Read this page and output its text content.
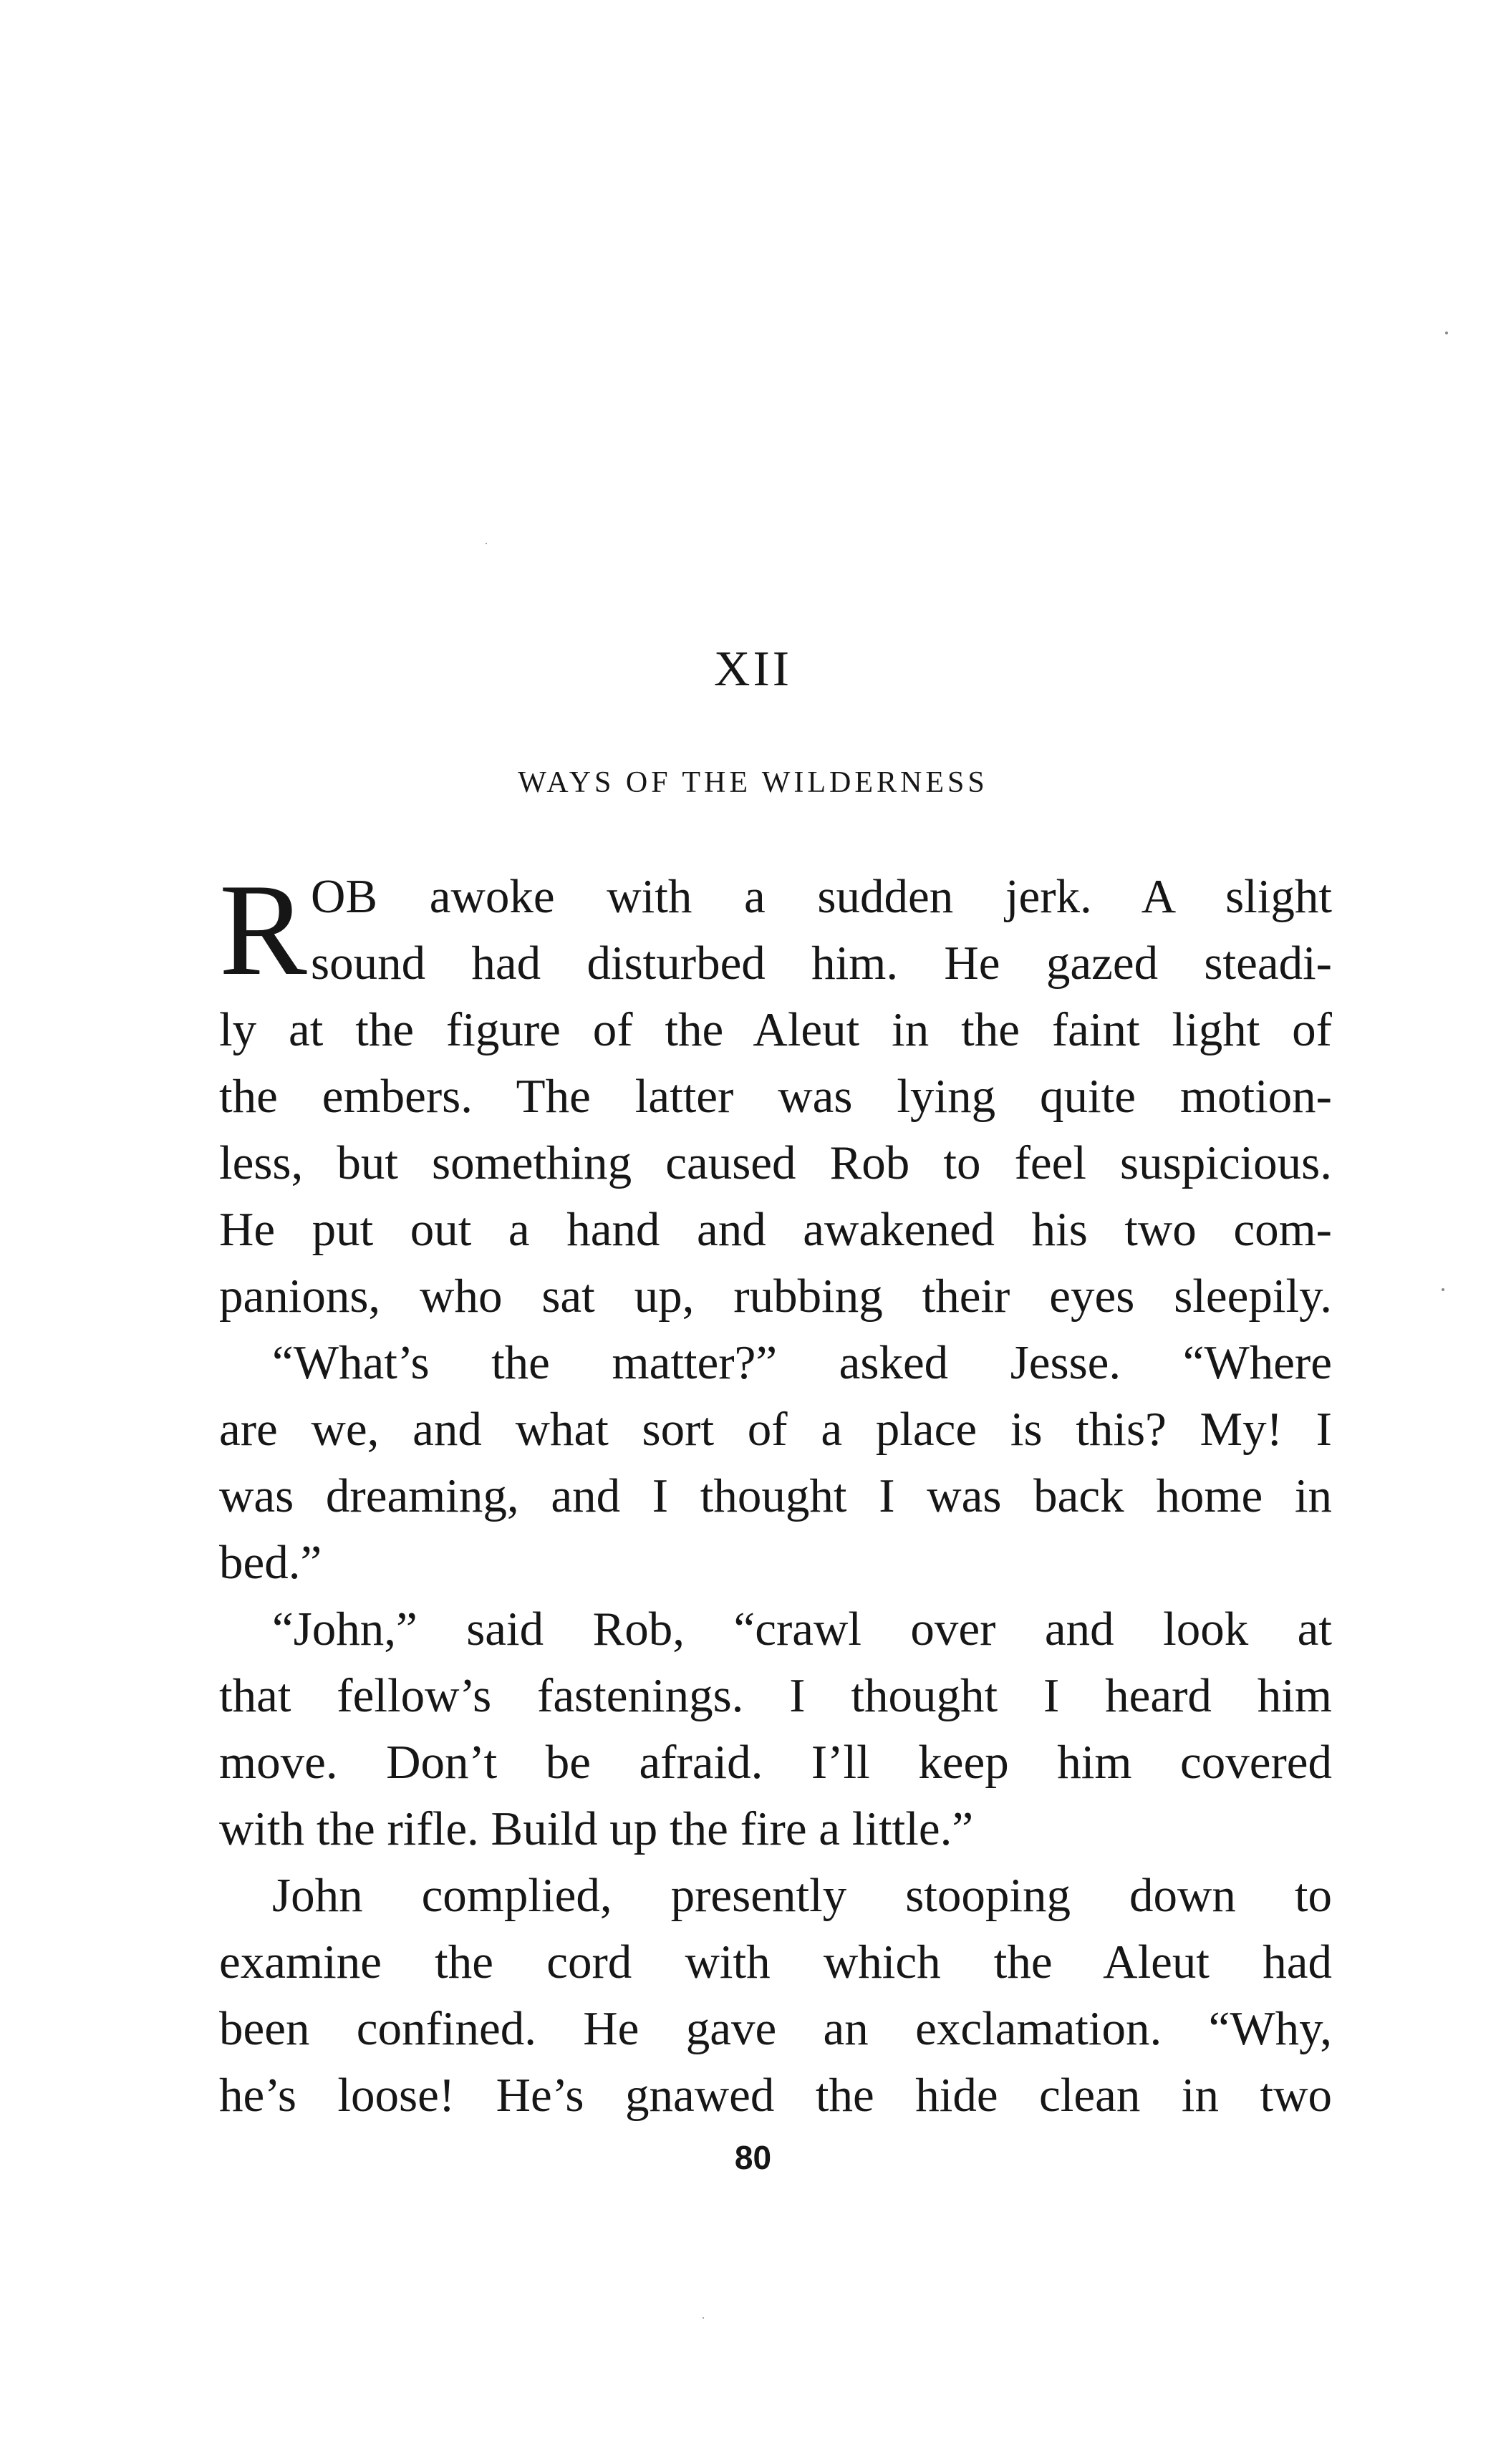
XII
WAYS OF THE WILDERNESS
R OB awoke with a sudden jerk. A slight
sound had disturbed him. He gazed steadi-
ly at the figure of the Aleut in the faint light of
the embers. The latter was lying quite motion-
less, but something caused Rob to feel suspicious.
He put out a hand and awakened his two com-
panions, who sat up, rubbing their eyes sleepily.
“What’s the matter?” asked Jesse. “Where
are we, and what sort of a place is this? My! I
was dreaming, and I thought I was back home in
bed.”
“John,” said Rob, “crawl over and look at
that fellow’s fastenings. I thought I heard him
move. Don’t be afraid. I’ll keep him covered
with the rifle. Build up the fire a little.”
John complied, presently stooping down to
examine the cord with which the Aleut had
been confined. He gave an exclamation. “Why,
he’s loose! He’s gnawed the hide clean in two
80
